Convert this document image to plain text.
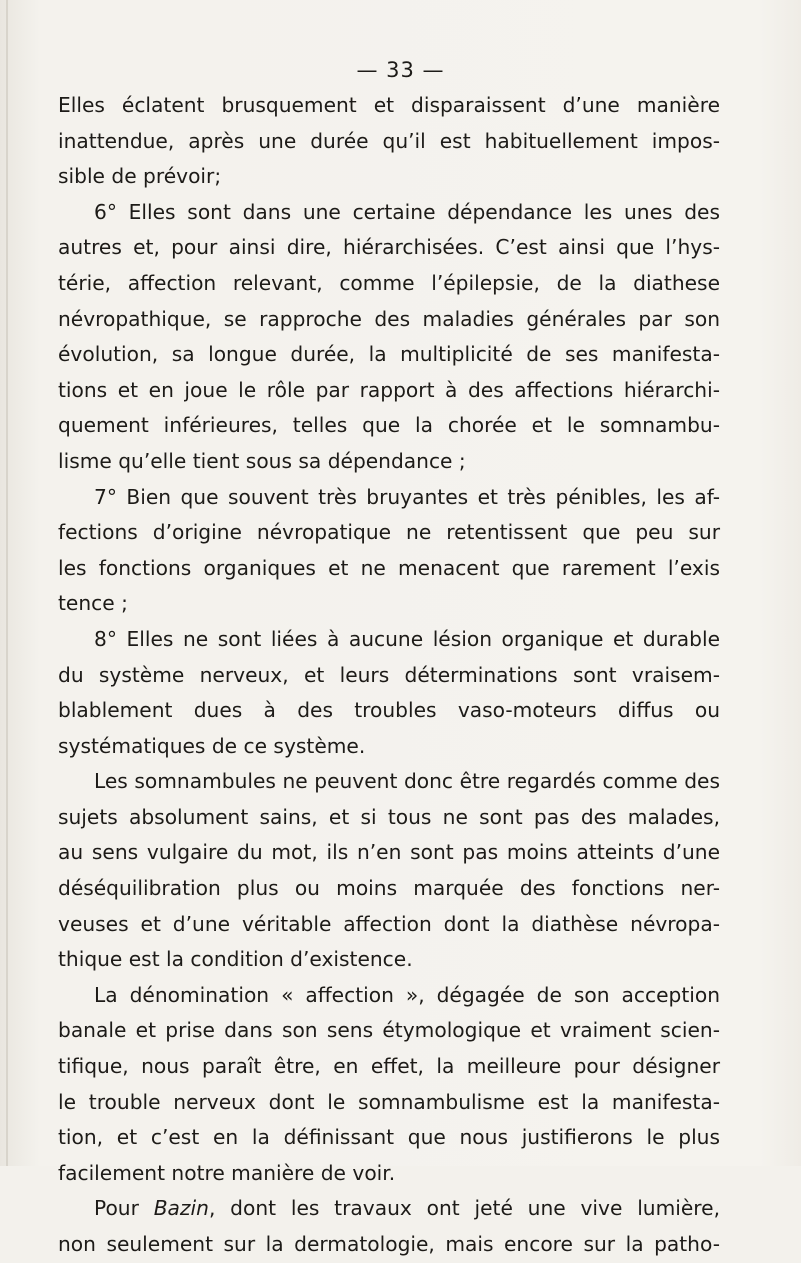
— 33 —
Elles éclatent brusquement et disparaissent d’une manière
inattendue, après une durée qu’il est habituellement impos-
sible de prévoir;
6° Elles sont dans une certaine dépendance les unes des
autres et, pour ainsi dire, hiérarchisées. C’est ainsi que l’hys-
térie, affection relevant, comme l’épilepsie, de la diathese
névropathique, se rapproche des maladies générales par son
évolution, sa longue durée, la multiplicité de ses manifesta-
tions et en joue le rôle par rapport à des affections hiérarchi-
quement inférieures, telles que la chorée et le somnambu-
lisme qu’elle tient sous sa dépendance ;
7° Bien que souvent très bruyantes et très pénibles, les af-
fections d’origine névropatique ne retentissent que peu sur
les fonctions organiques et ne menacent que rarement l’exis
tence ;
8° Elles ne sont liées à aucune lésion organique et durable
du système nerveux, et leurs déterminations sont vraisem-
blablement dues à des troubles vaso-moteurs diffus ou
systématiques de ce système.
Les somnambules ne peuvent donc être regardés comme des
sujets absolument sains, et si tous ne sont pas des malades,
au sens vulgaire du mot, ils n’en sont pas moins atteints d’une
déséquilibration plus ou moins marquée des fonctions ner-
veuses et d’une véritable affection dont la diathèse névropa-
thique est la condition d’existence.
La dénomination « affection », dégagée de son acception
banale et prise dans son sens étymologique et vraiment scien-
tifique, nous paraît être, en effet, la meilleure pour désigner
le trouble nerveux dont le somnambulisme est la manifesta-
tion, et c’est en la définissant que nous justifierons le plus
facilement notre manière de voir.
Pour Bazin, dont les travaux ont jeté une vive lumière,
non seulement sur la dermatologie, mais encore sur la patho-
